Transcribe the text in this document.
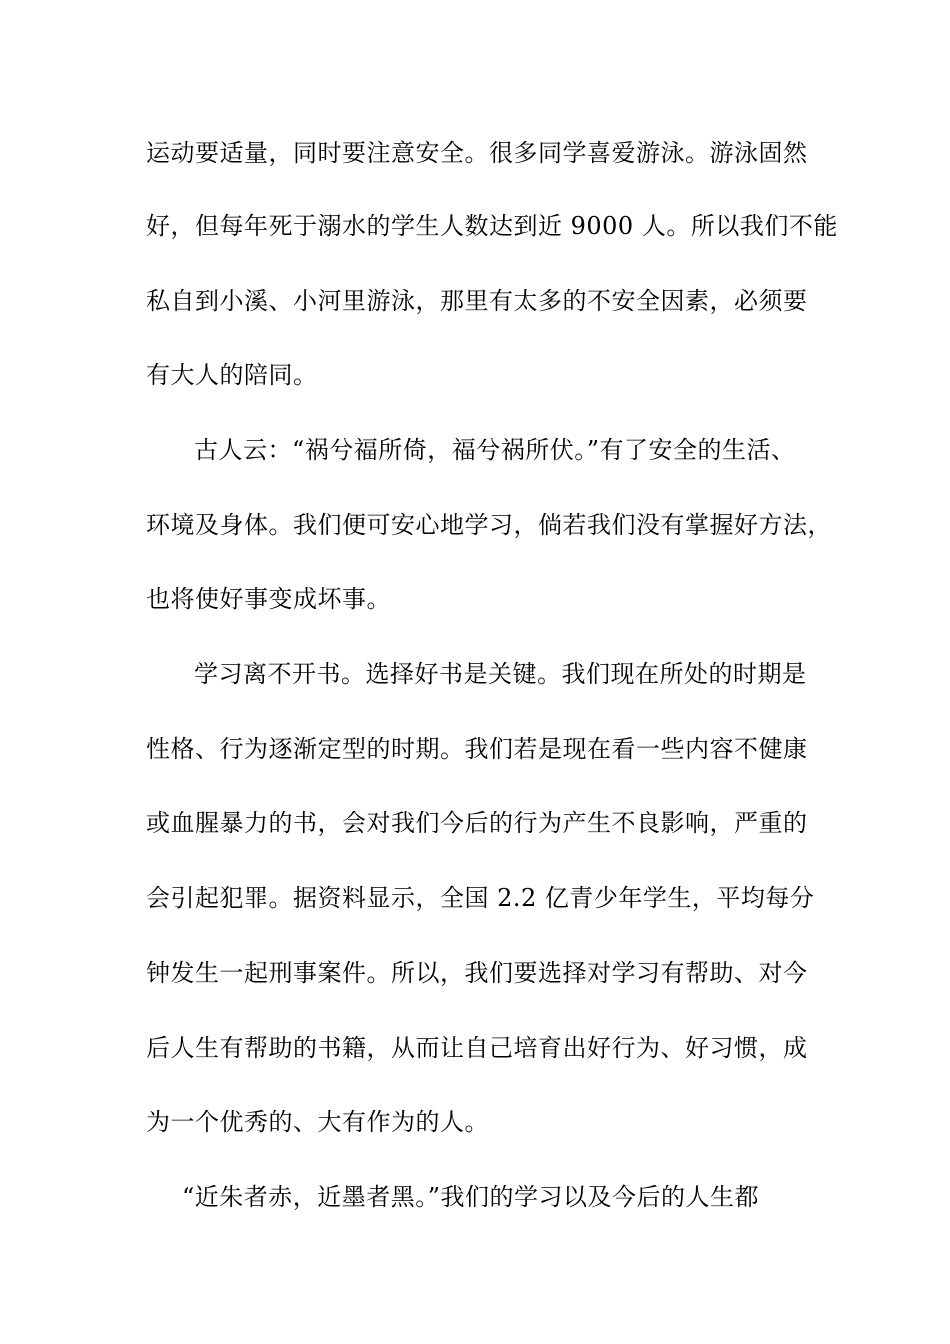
运动要适量，同时要注意安全。很多同学喜爱游泳。游泳固然
好，但每年死于溺水的学生人数达到近 9000 人。所以我们不能
私自到小溪、小河里游泳，那里有太多的不安全因素，必须要
有大人的陪同。
古人云：“祸兮福所倚，福兮祸所伏。”有了安全的生活、
环境及身体。我们便可安心地学习，倘若我们没有掌握好方法，
也将使好事变成坏事。
学习离不开书。选择好书是关键。我们现在所处的时期是
性格、行为逐渐定型的时期。我们若是现在看一些内容不健康
或血腥暴力的书，会对我们今后的行为产生不良影响，严重的
会引起犯罪。据资料显示，全国 2.2 亿青少年学生，平均每分
钟发生一起刑事案件。所以，我们要选择对学习有帮助、对今
后人生有帮助的书籍，从而让自己培育出好行为、好习惯，成
为一个优秀的、大有作为的人。
“近朱者赤，近墨者黑。”我们的学习以及今后的人生都
